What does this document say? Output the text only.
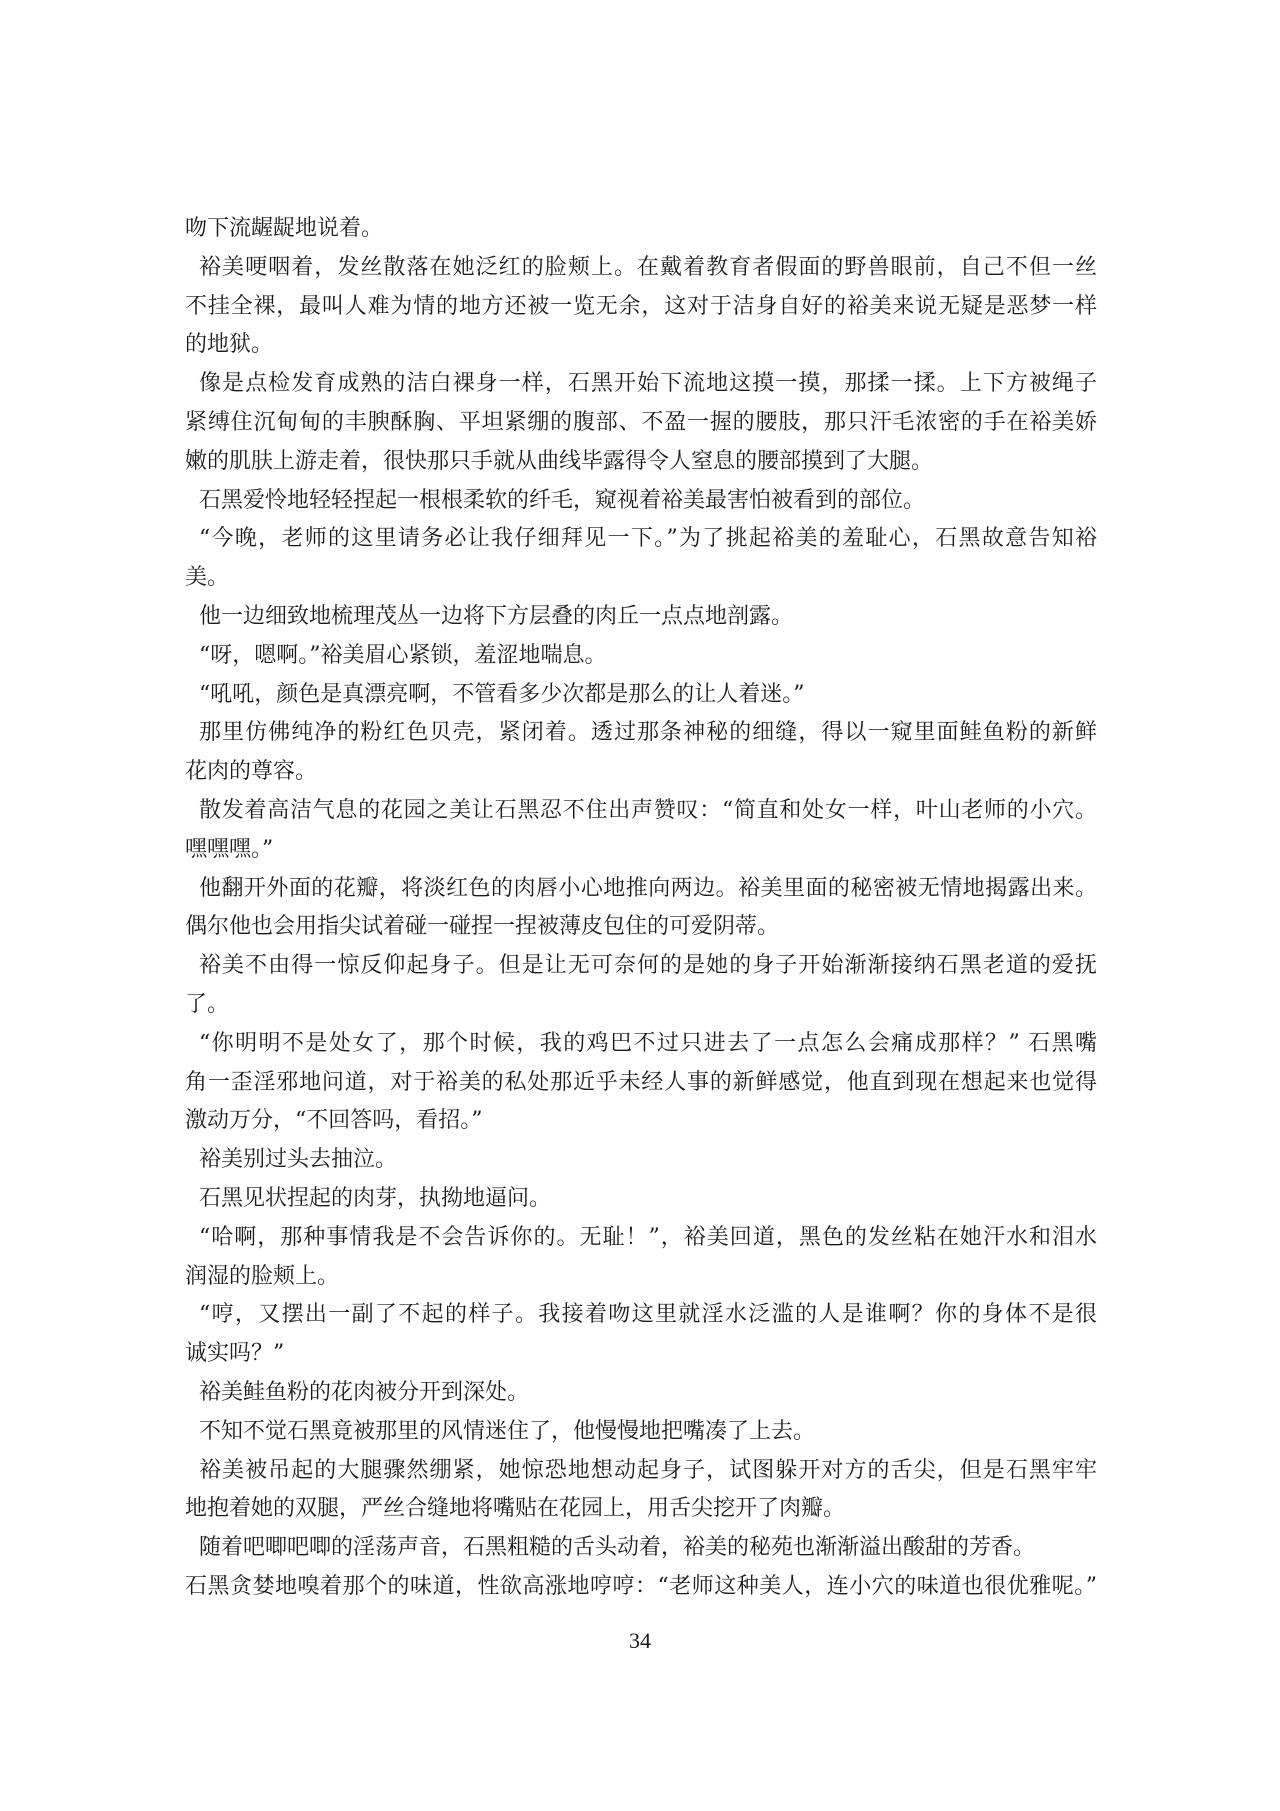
吻下流龌龊地说着。
裕美哽咽着，发丝散落在她泛红的脸颊上。在戴着教育者假面的野兽眼前，自己不但一丝
不挂全裸，最叫人难为情的地方还被一览无余，这对于洁身自好的裕美来说无疑是恶梦一样
的地狱。
像是点检发育成熟的洁白裸身一样，石黑开始下流地这摸一摸，那揉一揉。上下方被绳子
紧缚住沉甸甸的丰腴酥胸、平坦紧绷的腹部、不盈一握的腰肢，那只汗毛浓密的手在裕美娇
嫩的肌肤上游走着，很快那只手就从曲线毕露得令人窒息的腰部摸到了大腿。
石黑爱怜地轻轻捏起一根根柔软的纤毛，窥视着裕美最害怕被看到的部位。
“今晚，老师的这里请务必让我仔细拜见一下。”为了挑起裕美的羞耻心，石黑故意告知裕
美。
他一边细致地梳理茂丛一边将下方层叠的肉丘一点点地剖露。
“呀，嗯啊。”裕美眉心紧锁，羞涩地喘息。
“吼吼，颜色是真漂亮啊，不管看多少次都是那么的让人着迷。”
那里仿佛纯净的粉红色贝壳，紧闭着。透过那条神秘的细缝，得以一窥里面鲑鱼粉的新鲜
花肉的尊容。
散发着高洁气息的花园之美让石黑忍不住出声赞叹：“简直和处女一样，叶山老师的小穴。
嘿嘿嘿。”
他翻开外面的花瓣，将淡红色的肉唇小心地推向两边。裕美里面的秘密被无情地揭露出来。
偶尔他也会用指尖试着碰一碰捏一捏被薄皮包住的可爱阴蒂。
裕美不由得一惊反仰起身子。但是让无可奈何的是她的身子开始渐渐接纳石黑老道的爱抚
了。
“你明明不是处女了，那个时候，我的鸡巴不过只进去了一点怎么会痛成那样？” 石黑嘴
角一歪淫邪地问道，对于裕美的私处那近乎未经人事的新鲜感觉，他直到现在想起来也觉得
激动万分，“不回答吗，看招。”
裕美别过头去抽泣。
石黑见状捏起的肉芽，执拗地逼问。
“哈啊，那种事情我是不会告诉你的。无耻！”，裕美回道，黑色的发丝粘在她汗水和泪水
润湿的脸颊上。
“哼，又摆出一副了不起的样子。我接着吻这里就淫水泛滥的人是谁啊？你的身体不是很
诚实吗？”
裕美鲑鱼粉的花肉被分开到深处。
不知不觉石黑竟被那里的风情迷住了，他慢慢地把嘴凑了上去。
裕美被吊起的大腿骤然绷紧，她惊恐地想动起身子，试图躲开对方的舌尖，但是石黑牢牢
地抱着她的双腿，严丝合缝地将嘴贴在花园上，用舌尖挖开了肉瓣。
随着吧唧吧唧的淫荡声音，石黑粗糙的舌头动着，裕美的秘苑也渐渐溢出酸甜的芳香。
石黑贪婪地嗅着那个的味道，性欲高涨地哼哼：“老师这种美人，连小穴的味道也很优雅呢。”
34
